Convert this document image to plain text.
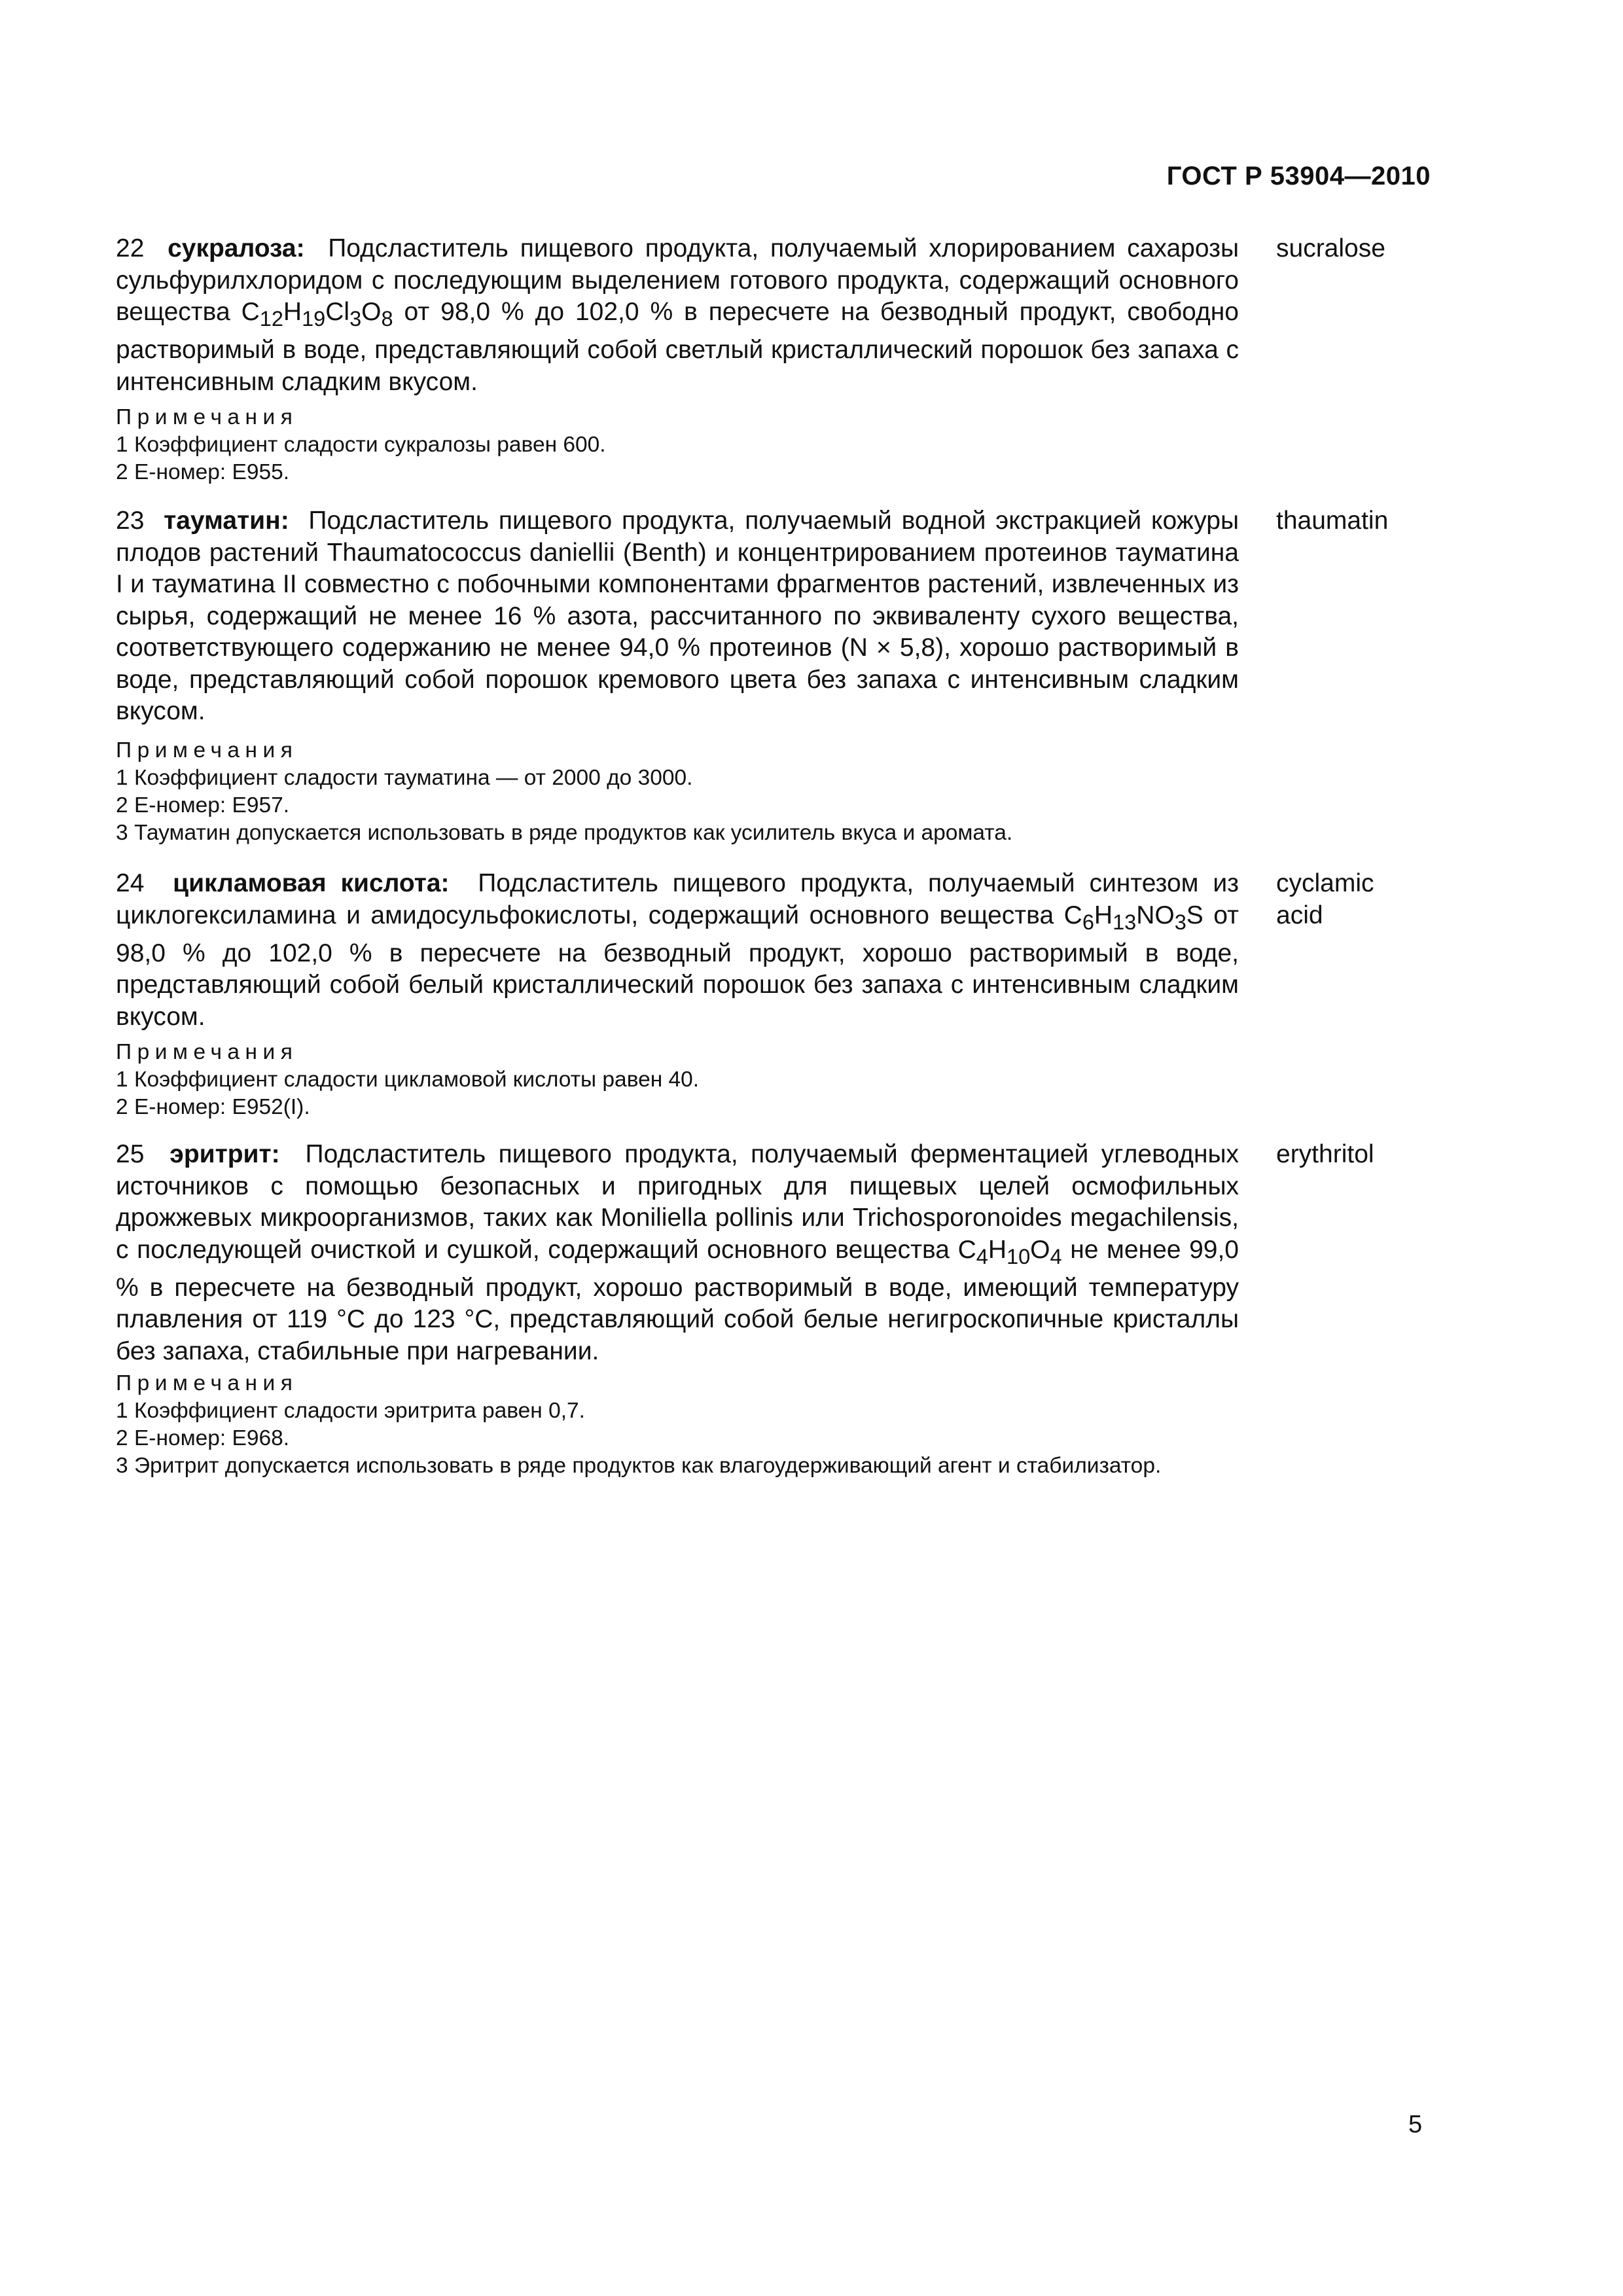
ГОСТ Р 53904—2010
22 сукралоза: Подсластитель пищевого продукта, получаемый хлорированием сахарозы сульфурилхлоридом с последующим выделением готового продукта, содержащий основного вещества $C_{12}H_{19}Cl_3O_8$ от 98,0 % до 102,0 % в пересчете на безводный продукт, свободно растворимый в воде, представляющий собой светлый кристаллический порошок без запаха с интенсивным сладким вкусом.
sucralose
Примечания
1 Коэффициент сладости сукралозы равен 600.
2 Е-номер: Е955.
23 тауматин: Подсластитель пищевого продукта, получаемый водной экстракцией кожуры плодов растений Thaumatococcus daniellii (Benth) и концентрированием протеинов тауматина I и тауматина II совместно с побочными компонентами фрагментов растений, извлеченных из сырья, содержащий не менее 16 % азота, рассчитанного по эквиваленту сухого вещества, соответствующего содержанию не менее 94,0 % протеинов (N × 5,8), хорошо растворимый в воде, представляющий собой порошок кремового цвета без запаха с интенсивным сладким вкусом.
thaumatin
Примечания
1 Коэффициент сладости тауматина — от 2000 до 3000.
2 Е-номер: Е957.
3 Тауматин допускается использовать в ряде продуктов как усилитель вкуса и аромата.
24 цикламовая кислота: Подсластитель пищевого продукта, получаемый синтезом из циклогексиламина и амидосульфокислоты, содержащий основного вещества $C_6H_{13}NO_3S$ от 98,0 % до 102,0 % в пересчете на безводный продукт, хорошо растворимый в воде, представляющий собой белый кристаллический порошок без запаха с интенсивным сладким вкусом.
cyclamic
acid
Примечания
1 Коэффициент сладости цикламовой кислоты равен 40.
2 Е-номер: Е952(I).
25 эритрит: Подсластитель пищевого продукта, получаемый ферментацией углеводных источников с помощью безопасных и пригодных для пищевых целей осмофильных дрожжевых микроорганизмов, таких как Moniliella pollinis или Trichosporonoides megachilensis, с последующей очисткой и сушкой, содержащий основного вещества $C_4H_{10}O_4$ не менее 99,0 % в пересчете на безводный продукт, хорошо растворимый в воде, имеющий температуру плавления от 119 °С до 123 °С, представляющий собой белые негигроскопичные кристаллы без запаха, стабильные при нагревании.
erythritol
Примечания
1 Коэффициент сладости эритрита равен 0,7.
2 Е-номер: Е968.
3 Эритрит допускается использовать в ряде продуктов как влагоудерживающий агент и стабилизатор.
5
